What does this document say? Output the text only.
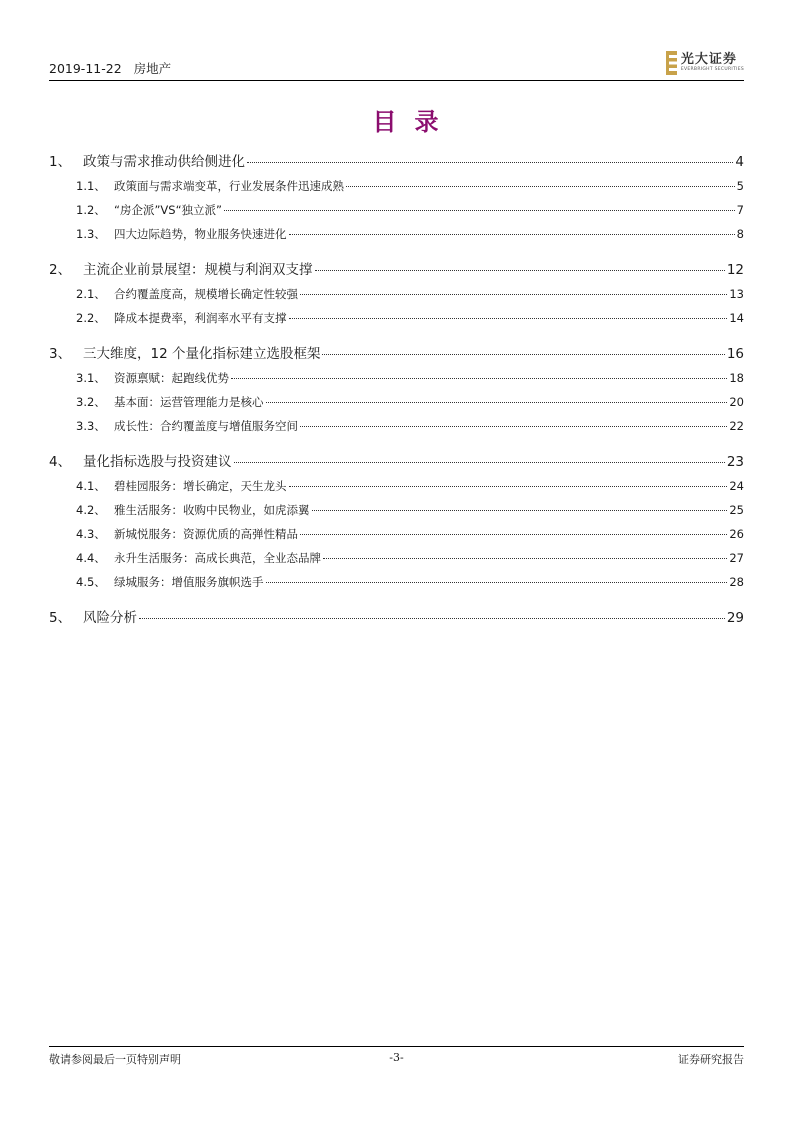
2019-11-22 房地产
光大证券
EVERBRIGHT SECURITIES
目录
1、 政策与需求推动供给侧进化	4
1.1、 政策面与需求端变革，行业发展条件迅速成熟	5
1.2、 “房企派”VS“独立派”	7
1.3、 四大边际趋势，物业服务快速进化	8
2、 主流企业前景展望：规模与利润双支撑	12
2.1、 合约覆盖度高，规模增长确定性较强	13
2.2、 降成本提费率，利润率水平有支撑	14
3、 三大维度，12 个量化指标建立选股框架	16
3.1、 资源禀赋：起跑线优势	18
3.2、 基本面：运营管理能力是核心	20
3.3、 成长性：合约覆盖度与增值服务空间	22
4、 量化指标选股与投资建议	23
4.1、 碧桂园服务：增长确定，天生龙头	24
4.2、 雅生活服务：收购中民物业，如虎添翼	25
4.3、 新城悦服务：资源优质的高弹性精品	26
4.4、 永升生活服务：高成长典范，全业态品牌	27
4.5、 绿城服务：增值服务旗帜选手	28
5、 风险分析	29
敬请参阅最后一页特别声明	-3-	证券研究报告
